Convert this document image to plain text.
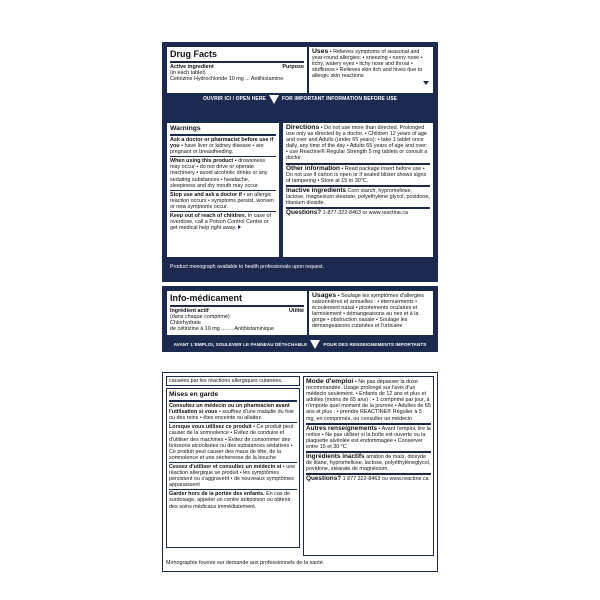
Drug Facts
Active ingredient	Purpose
(in each tablet)
Cetirizine Hydrochloride 10 mg ... Antihistamine
Uses • Relieves symptoms of seasonal and year-round allergies: • sneezing • runny nose • itchy, watery eyes • itchy nose and throat • stuffiness • Relieves skin itch and hives due to allergic skin reactions
OUVRIR ICI / OPEN HERE	FOR IMPORTANT INFORMATION BEFORE USE
Warnings
Ask a doctor or pharmacist before use if you • have liver or kidney disease • are pregnant or breastfeeding.
When using this product • drowsiness may occur • do not drive or operate machinery • avoid alcoholic drinks or any sedating substances • headache, sleepiness and dry mouth may occur.
Stop use and ask a doctor if • an allergic reaction occurs • symptoms persist, worsen or new symptoms occur.
Keep out of reach of children. In case of overdose, call a Poison Control Centre or get medical help right away.
Directions • Do not use more than directed. Prolonged use only as directed by a doctor. • Children 12 years of age and over and Adults (under 65 years): • take 1 tablet once daily, any time of the day • Adults 65 years of age and over: • use Reactine® Regular Strength 5 mg tablets or consult a doctor.
Other information • Read package insert before use • Do not use if carton is open or if sealed blister shows signs of tampering • Store at 15 to 30°C.
Inactive ingredients Corn starch, hypromellose, lactose, magnesium stearate, polyethylene glycol, povidone, titanium dioxide.
Questions? 1-877-322-8463 or www.reactine.ca
Product monograph available to health professionals upon request.
Info-médicament
Ingrédient actif	Utilité
(dans chaque comprimé)
Chlorhydrate
de cétirizine à 10 mg ........ Antihistaminique
Usages • Soulage les symptômes d'allergies saisonnières et annuelles : • éternuements • écoulement nasal • picotements oculaires et larmoiement • démangeaisons au nez et à la gorge • obstruction nasale • Soulage les démangeaisons cutanées et l'urticaire
AVANT L'EMPLOI, SOULEVER LE PANNEAU DÉTACHABLE	POUR DES RENSEIGNEMENTS IMPORTANTS
causées par les réactions allergiques cutanées.
Mises en garde
Consultez un médecin ou un pharmacien avant l'utilisation si vous • souffrez d'une maladie du foie ou des reins • êtes enceinte ou allaitez.
Lorsque vous utilisez ce produit • Ce produit peut causer de la somnolence • Évitez de conduire et d'utiliser des machines • Évitez de consommer des boissons alcoolisées ou des substances sédatives • Ce produit peut causer des maux de tête, de la somnolence et une sécheresse de la bouche
Cessez d'utiliser et consultez un médecin si • une réaction allergique se produit • les symptômes persistent ou s'aggravent • de nouveaux symptômes apparaissent
Garder hors de la portée des enfants. En cas de surdosage, appeler un centre antipoison ou obtenir des soins médicaux immédiatement.
Mode d'emploi • Ne pas dépasser la dose recommandée. Usage prolongé sur l'avis d'un médecin seulement. • Enfants de 12 ans et plus et adultes (moins de 65 ans) : • 1 comprimé par jour, à n'importe quel moment de la journée • Adultes de 65 ans et plus : • prendre REACTINE® Régulier à 5 mg, en comprimés, ou consulter un médecin
Autres renseignements • Avant l'emploi, lire la notice • Ne pas utiliser si la boîte est ouverte ou la plaquette alvéolée est endommagée • Conserver entre 15 et 30 °C
Ingrédients inactifs amidon de maïs, dioxyde de titane, hypromellose, lactose, polyéthylèneglycol, povidone, stéarate de magnésium.
Questions? 1 877 322-8463 ou www.reactine.ca
Monographie fournie sur demande aux professionnels de la santé.
